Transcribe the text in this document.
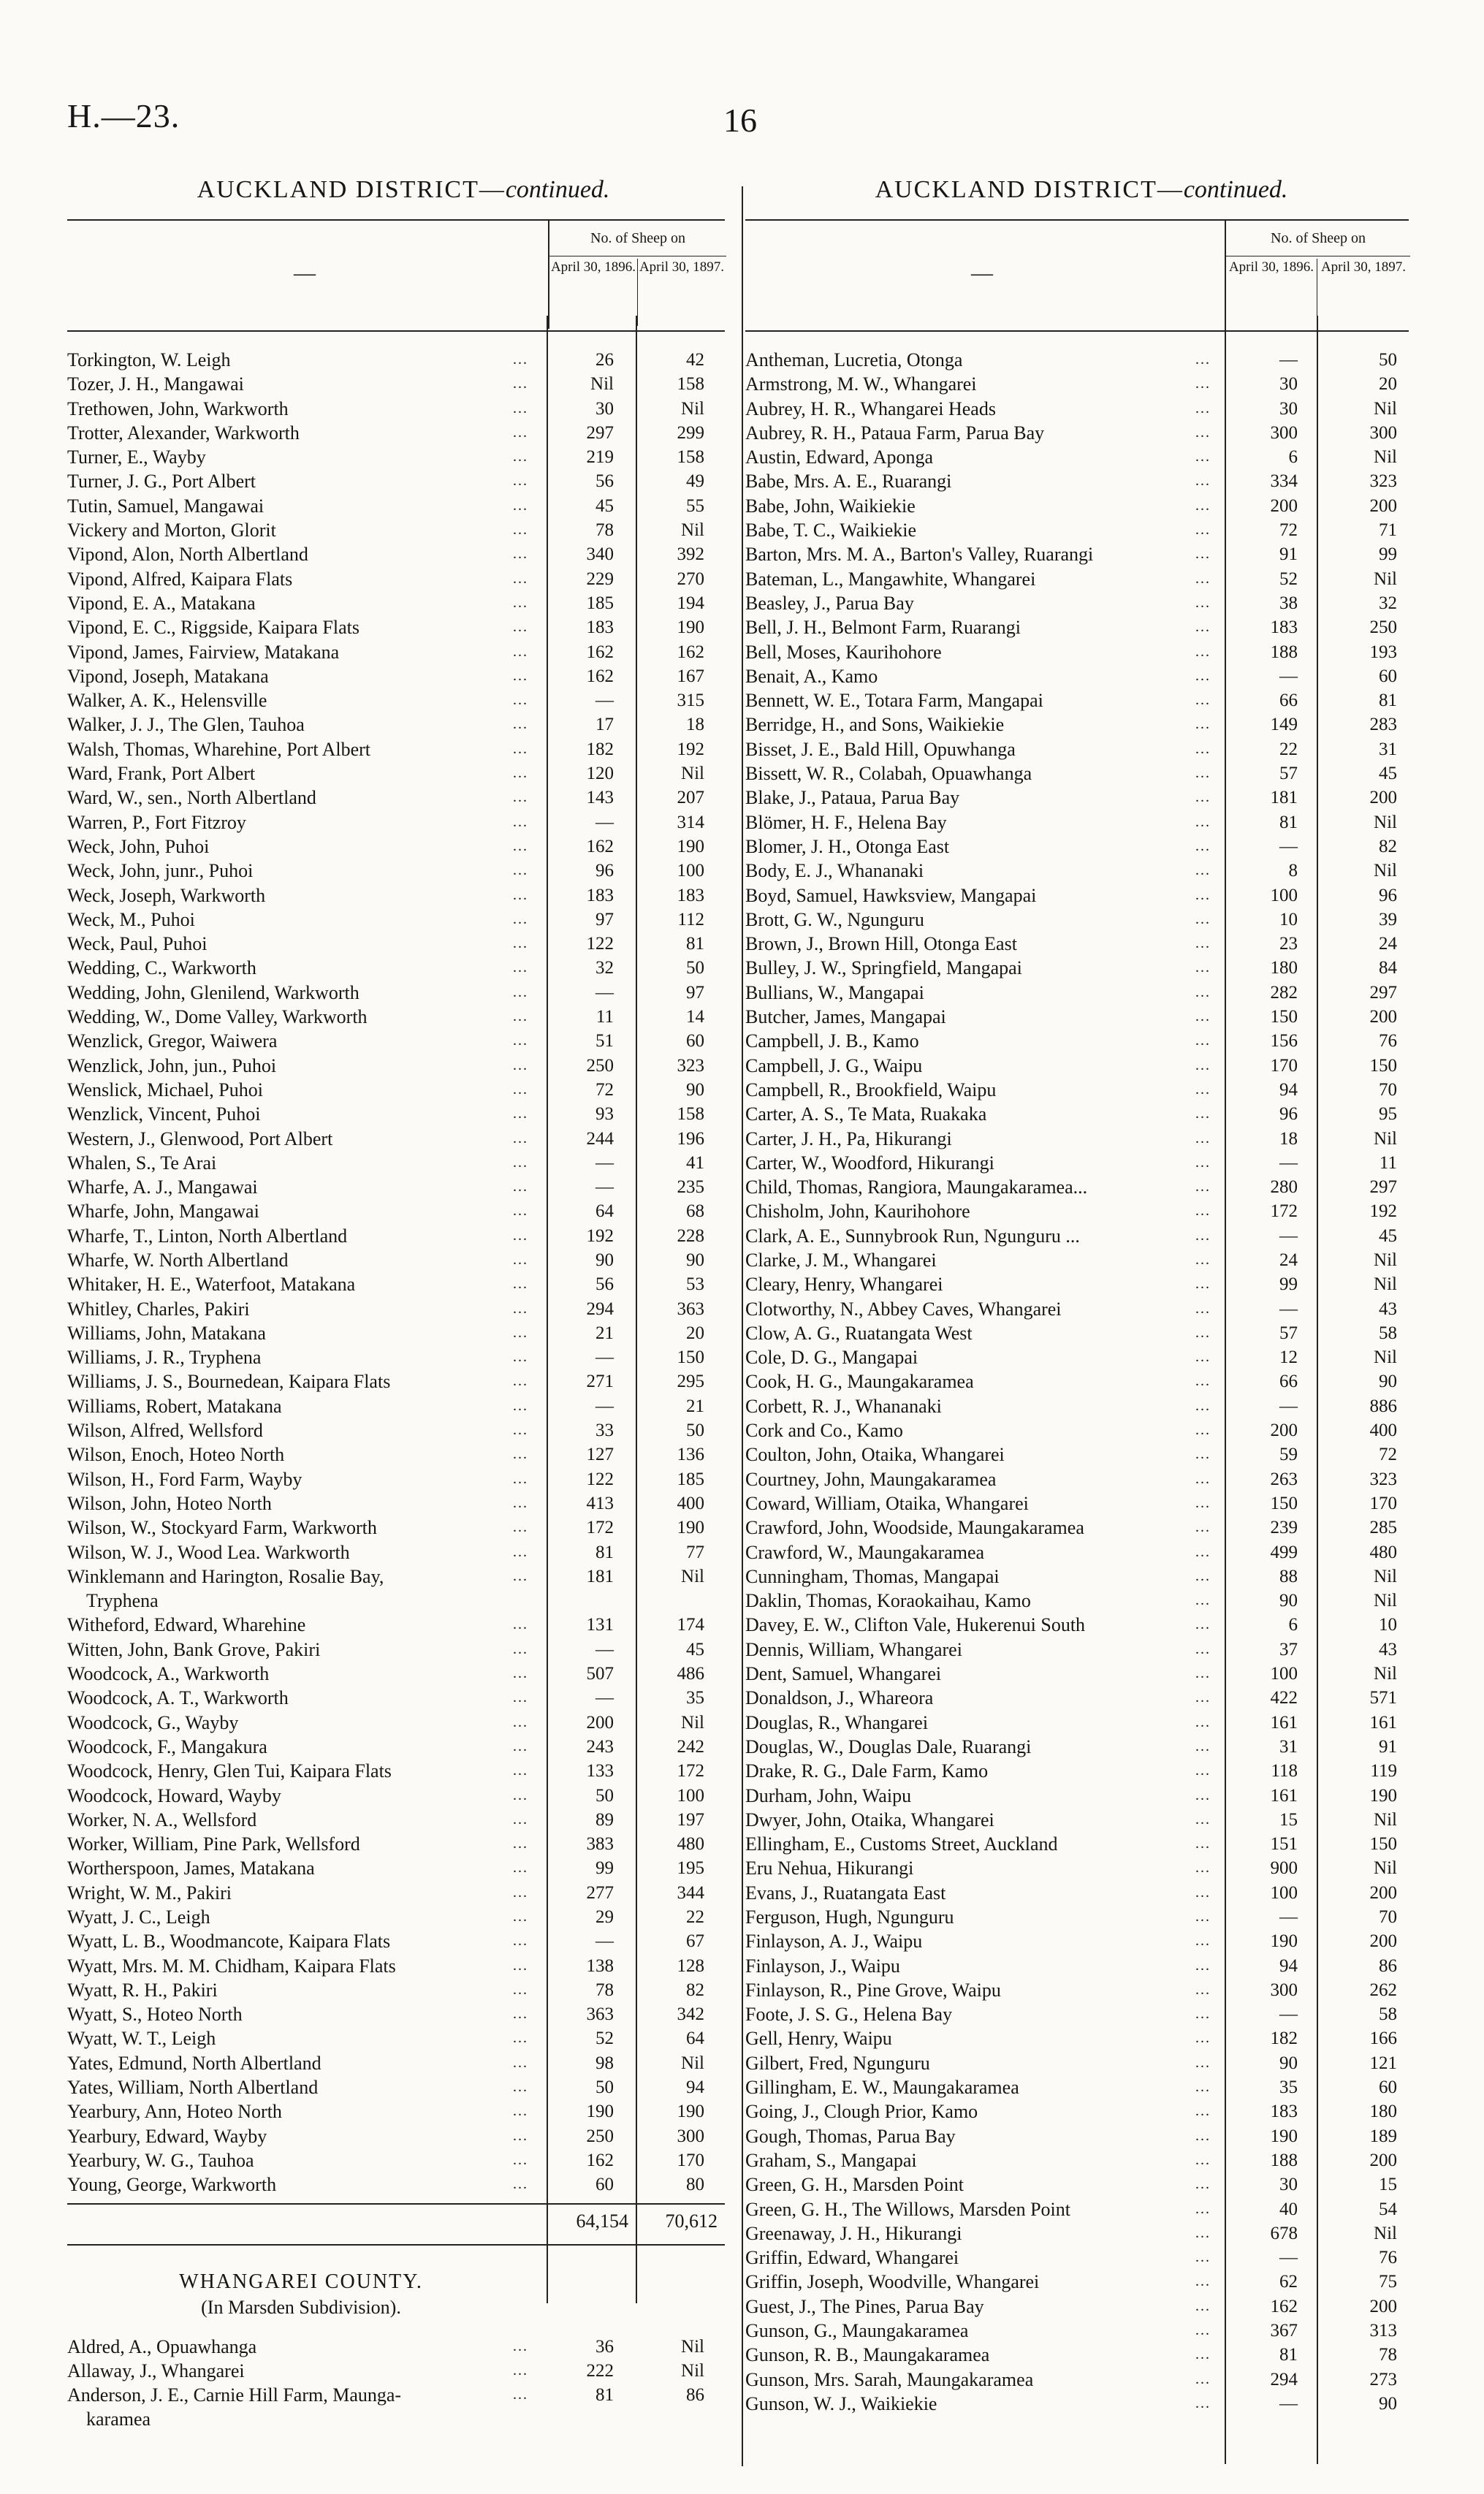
H.—23.	16
AUCKLAND DISTRICT—continued.
—
No. of Sheep on
April 30, 1896. April 30, 1897.
Torkington, W. Leigh	...	26	42
Tozer, J. H., Mangawai	...	Nil	158
Trethowen, John, Warkworth	...	30	Nil
Trotter, Alexander, Warkworth	...	297	299
Turner, E., Wayby	...	219	158
Turner, J. G., Port Albert	...	56	49
Tutin, Samuel, Mangawai	...	45	55
Vickery and Morton, Glorit	...	78	Nil
Vipond, Alon, North Albertland	...	340	392
Vipond, Alfred, Kaipara Flats	...	229	270
Vipond, E. A., Matakana	...	185	194
Vipond, E. C., Riggside, Kaipara Flats	...	183	190
Vipond, James, Fairview, Matakana	...	162	162
Vipond, Joseph, Matakana	...	162	167
Walker, A. K., Helensville	...	—	315
Walker, J. J., The Glen, Tauhoa	...	17	18
Walsh, Thomas, Wharehine, Port Albert	...	182	192
Ward, Frank, Port Albert	...	120	Nil
Ward, W., sen., North Albertland	...	143	207
Warren, P., Fort Fitzroy	...	—	314
Weck, John, Puhoi	...	162	190
Weck, John, junr., Puhoi	...	96	100
Weck, Joseph, Warkworth	...	183	183
Weck, M., Puhoi	...	97	112
Weck, Paul, Puhoi	...	122	81
Wedding, C., Warkworth	...	32	50
Wedding, John, Glenilend, Warkworth	...	—	97
Wedding, W., Dome Valley, Warkworth	...	11	14
Wenzlick, Gregor, Waiwera	...	51	60
Wenzlick, John, jun., Puhoi	...	250	323
Wenslick, Michael, Puhoi	...	72	90
Wenzlick, Vincent, Puhoi	...	93	158
Western, J., Glenwood, Port Albert	...	244	196
Whalen, S., Te Arai	...	—	41
Wharfe, A. J., Mangawai	...	—	235
Wharfe, John, Mangawai	...	64	68
Wharfe, T., Linton, North Albertland	...	192	228
Wharfe, W. North Albertland	...	90	90
Whitaker, H. E., Waterfoot, Matakana	...	56	53
Whitley, Charles, Pakiri	...	294	363
Williams, John, Matakana	...	21	20
Williams, J. R., Tryphena	...	—	150
Williams, J. S., Bournedean, Kaipara Flats	...	271	295
Williams, Robert, Matakana	...	—	21
Wilson, Alfred, Wellsford	...	33	50
Wilson, Enoch, Hoteo North	...	127	136
Wilson, H., Ford Farm, Wayby	...	122	185
Wilson, John, Hoteo North	...	413	400
Wilson, W., Stockyard Farm, Warkworth	...	172	190
Wilson, W. J., Wood Lea. Warkworth	...	81	77
Winklemann and Harington, Rosalie Bay,	...	181	Nil
Tryphena
Witheford, Edward, Wharehine	...	131	174
Witten, John, Bank Grove, Pakiri	...	—	45
Woodcock, A., Warkworth	...	507	486
Woodcock, A. T., Warkworth	...	—	35
Woodcock, G., Wayby	...	200	Nil
Woodcock, F., Mangakura	...	243	242
Woodcock, Henry, Glen Tui, Kaipara Flats	...	133	172
Woodcock, Howard, Wayby	...	50	100
Worker, N. A., Wellsford	...	89	197
Worker, William, Pine Park, Wellsford	...	383	480
Wortherspoon, James, Matakana	...	99	195
Wright, W. M., Pakiri	...	277	344
Wyatt, J. C., Leigh	...	29	22
Wyatt, L. B., Woodmancote, Kaipara Flats	...	—	67
Wyatt, Mrs. M. M. Chidham, Kaipara Flats	...	138	128
Wyatt, R. H., Pakiri	...	78	82
Wyatt, S., Hoteo North	...	363	342
Wyatt, W. T., Leigh	...	52	64
Yates, Edmund, North Albertland	...	98	Nil
Yates, William, North Albertland	...	50	94
Yearbury, Ann, Hoteo North	...	190	190
Yearbury, Edward, Wayby	...	250	300
Yearbury, W. G., Tauhoa	...	162	170
Young, George, Warkworth	...	60	80
64,154	70,612
WHANGAREI COUNTY.
(In Marsden Subdivision).
Aldred, A., Opuawhanga	...	36	Nil
Allaway, J., Whangarei	...	222	Nil
Anderson, J. E., Carnie Hill Farm, Maunga-	...	81	86
karamea
AUCKLAND DISTRICT—continued.
—
No. of Sheep on
April 30, 1896. April 30, 1897.
Antheman, Lucretia, Otonga	...	—	50
Armstrong, M. W., Whangarei	...	30	20
Aubrey, H. R., Whangarei Heads	...	30	Nil
Aubrey, R. H., Pataua Farm, Parua Bay	...	300	300
Austin, Edward, Aponga	...	6	Nil
Babe, Mrs. A. E., Ruarangi	...	334	323
Babe, John, Waikiekie	...	200	200
Babe, T. C., Waikiekie	...	72	71
Barton, Mrs. M. A., Barton's Valley, Ruarangi	...	91	99
Bateman, L., Mangawhite, Whangarei	...	52	Nil
Beasley, J., Parua Bay	...	38	32
Bell, J. H., Belmont Farm, Ruarangi	...	183	250
Bell, Moses, Kaurihohore	...	188	193
Benait, A., Kamo	...	—	60
Bennett, W. E., Totara Farm, Mangapai	...	66	81
Berridge, H., and Sons, Waikiekie	...	149	283
Bisset, J. E., Bald Hill, Opuwhanga	...	22	31
Bissett, W. R., Colabah, Opuawhanga	...	57	45
Blake, J., Pataua, Parua Bay	...	181	200
Blömer, H. F., Helena Bay	...	81	Nil
Blomer, J. H., Otonga East	...	—	82
Body, E. J., Whananaki	...	8	Nil
Boyd, Samuel, Hawksview, Mangapai	...	100	96
Brott, G. W., Ngunguru	...	10	39
Brown, J., Brown Hill, Otonga East	...	23	24
Bulley, J. W., Springfield, Mangapai	...	180	84
Bullians, W., Mangapai	...	282	297
Butcher, James, Mangapai	...	150	200
Campbell, J. B., Kamo	...	156	76
Campbell, J. G., Waipu	...	170	150
Campbell, R., Brookfield, Waipu	...	94	70
Carter, A. S., Te Mata, Ruakaka	...	96	95
Carter, J. H., Pa, Hikurangi	...	18	Nil
Carter, W., Woodford, Hikurangi	...	—	11
Child, Thomas, Rangiora, Maungakaramea...	...	280	297
Chisholm, John, Kaurihohore	...	172	192
Clark, A. E., Sunnybrook Run, Ngunguru ...	...	—	45
Clarke, J. M., Whangarei	...	24	Nil
Cleary, Henry, Whangarei	...	99	Nil
Clotworthy, N., Abbey Caves, Whangarei	...	—	43
Clow, A. G., Ruatangata West	...	57	58
Cole, D. G., Mangapai	...	12	Nil
Cook, H. G., Maungakaramea	...	66	90
Corbett, R. J., Whananaki	...	—	886
Cork and Co., Kamo	...	200	400
Coulton, John, Otaika, Whangarei	...	59	72
Courtney, John, Maungakaramea	...	263	323
Coward, William, Otaika, Whangarei	...	150	170
Crawford, John, Woodside, Maungakaramea	...	239	285
Crawford, W., Maungakaramea	...	499	480
Cunningham, Thomas, Mangapai	...	88	Nil
Daklin, Thomas, Koraokaihau, Kamo	...	90	Nil
Davey, E. W., Clifton Vale, Hukerenui South	...	6	10
Dennis, William, Whangarei	...	37	43
Dent, Samuel, Whangarei	...	100	Nil
Donaldson, J., Whareora	...	422	571
Douglas, R., Whangarei	...	161	161
Douglas, W., Douglas Dale, Ruarangi	...	31	91
Drake, R. G., Dale Farm, Kamo	...	118	119
Durham, John, Waipu	...	161	190
Dwyer, John, Otaika, Whangarei	...	15	Nil
Ellingham, E., Customs Street, Auckland	...	151	150
Eru Nehua, Hikurangi	...	900	Nil
Evans, J., Ruatangata East	...	100	200
Ferguson, Hugh, Ngunguru	...	—	70
Finlayson, A. J., Waipu	...	190	200
Finlayson, J., Waipu	...	94	86
Finlayson, R., Pine Grove, Waipu	...	300	262
Foote, J. S. G., Helena Bay	...	—	58
Gell, Henry, Waipu	...	182	166
Gilbert, Fred, Ngunguru	...	90	121
Gillingham, E. W., Maungakaramea	...	35	60
Going, J., Clough Prior, Kamo	...	183	180
Gough, Thomas, Parua Bay	...	190	189
Graham, S., Mangapai	...	188	200
Green, G. H., Marsden Point	...	30	15
Green, G. H., The Willows, Marsden Point	...	40	54
Greenaway, J. H., Hikurangi	...	678	Nil
Griffin, Edward, Whangarei	...	—	76
Griffin, Joseph, Woodville, Whangarei	...	62	75
Guest, J., The Pines, Parua Bay	...	162	200
Gunson, G., Maungakaramea	...	367	313
Gunson, R. B., Maungakaramea	...	81	78
Gunson, Mrs. Sarah, Maungakaramea	...	294	273
Gunson, W. J., Waikiekie	...	—	90
